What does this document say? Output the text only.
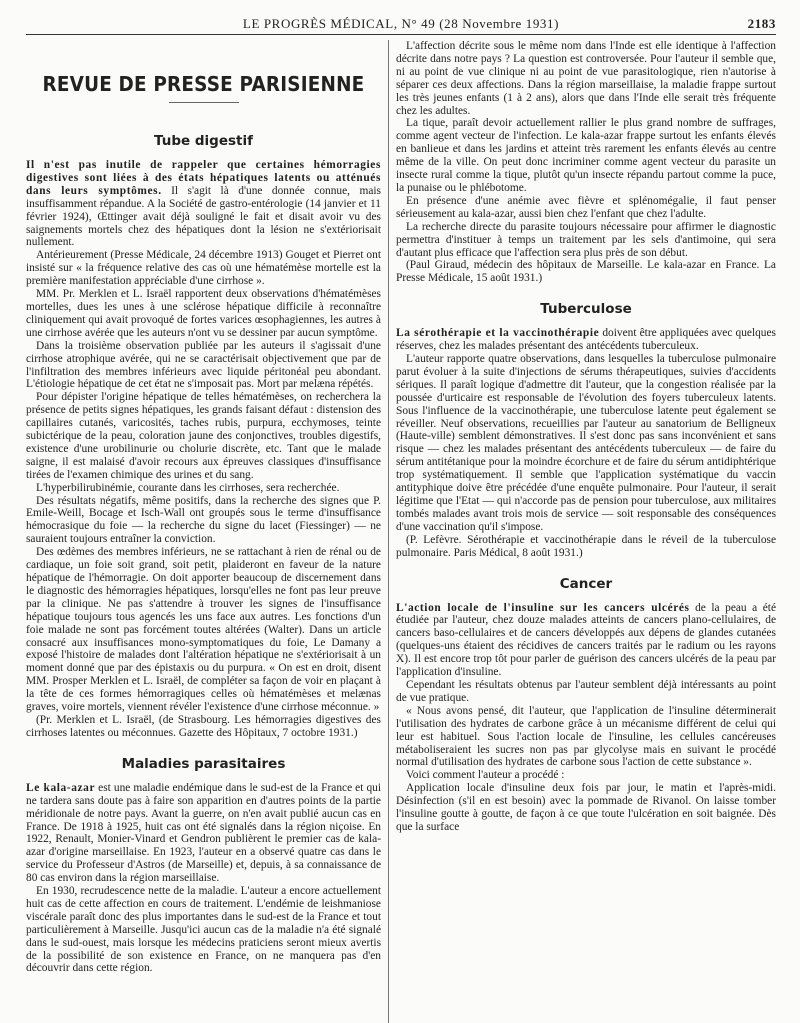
LE PROGRÈS MÉDICAL, N° 49 (28 Novembre 1931)	2183
REVUE DE PRESSE PARISIENNE
Tube digestif

Il n'est pas inutile de rappeler que certaines hémorragies digestives sont liées à des états hépatiques latents ou atténués dans leurs symptômes. Il s'agit là d'une donnée connue, mais insuffisamment répandue. A la Société de gastro-entérologie (14 janvier et 11 février 1924), Œttinger avait déjà souligné le fait et disait avoir vu des saignements mortels chez des hépatiques dont la lésion ne s'extériorisait nullement.

Antérieurement (Presse Médicale, 24 décembre 1913) Gouget et Pierret ont insisté sur « la fréquence relative des cas où une hématémèse mortelle est la première manifestation appréciable d'une cirrhose ».

MM. Pr. Merklen et L. Israël rapportent deux observations d'hématémèses mortelles, dues les unes à une sclérose hépatique difficile à reconnaître cliniquement qui avait provoqué de fortes varices œsophagiennes, les autres à une cirrhose avérée que les auteurs n'ont vu se dessiner par aucun symptôme.

Dans la troisième observation publiée par les auteurs il s'agissait d'une cirrhose atrophique avérée, qui ne se caractérisait objectivement que par de l'infiltration des membres inférieurs avec liquide péritonéal peu abondant. L'étiologie hépatique de cet état ne s'imposait pas. Mort par melæna répétés.

Pour dépister l'origine hépatique de telles hématémèses, on recherchera la présence de petits signes hépatiques, les grands faisant défaut : distension des capillaires cutanés, varicosités, taches rubis, purpura, ecchymoses, teinte subictérique de la peau, coloration jaune des conjonctives, troubles digestifs, existence d'une urobilinurie ou cholurie discrète, etc. Tant que le malade saigne, il est malaisé d'avoir recours aux épreuves classiques d'insuffisance tirées de l'examen chimique des urines et du sang.

L'hyperbilirubinémie, courante dans les cirrhoses, sera recherchée.

Des résultats négatifs, même positifs, dans la recherche des signes que P. Emile-Weill, Bocage et Isch-Wall ont groupés sous le terme d'insuffisance hémocrasique du foie — la recherche du signe du lacet (Fiessinger) — ne sauraient toujours entraîner la conviction.

Des œdèmes des membres inférieurs, ne se rattachant à rien de rénal ou de cardiaque, un foie soit grand, soit petit, plaideront en faveur de la nature hépatique de l'hémorragie. On doit apporter beaucoup de discernement dans le diagnostic des hémorragies hépatiques, lorsqu'elles ne font pas leur preuve par la clinique. Ne pas s'attendre à trouver les signes de l'insuffisance hépatique toujours tous agencés les uns face aux autres. Les fonctions d'un foie malade ne sont pas forcément toutes altérées (Walter). Dans un article consacré aux insuffisances mono-symptomatiques du foie, Le Damany a exposé l'histoire de malades dont l'altération hépatique ne s'extériorisait à un moment donné que par des épistaxis ou du purpura. « On est en droit, disent MM. Prosper Merklen et L. Israël, de compléter sa façon de voir en plaçant à la tête de ces formes hémorragiques celles où hématémèses et melænas graves, voire mortels, viennent révéler l'existence d'une cirrhose méconnue. »

(Pr. Merklen et L. Israël, (de Strasbourg. Les hémorragies digestives des cirrhoses latentes ou méconnues. Gazette des Hôpitaux, 7 octobre 1931.)

Maladies parasitaires

Le kala-azar est une maladie endémique dans le sud-est de la France et qui ne tardera sans doute pas à faire son apparition en d'autres points de la partie méridionale de notre pays. Avant la guerre, on n'en avait publié aucun cas en France. De 1918 à 1925, huit cas ont été signalés dans la région niçoise. En 1922, Renault, Monier-Vinard et Gendron publièrent le premier cas de kala-azar d'origine marseillaise. En 1923, l'auteur en a observé quatre cas dans le service du Professeur d'Astros (de Marseille) et, depuis, à sa connaissance de 80 cas environ dans la région marseillaise.

En 1930, recrudescence nette de la maladie. L'auteur a encore actuellement huit cas de cette affection en cours de traitement. L'endémie de leishmaniose viscérale paraît donc des plus importantes dans le sud-est de la France et tout particulièrement à Marseille. Jusqu'ici aucun cas de la maladie n'a été signalé dans le sud-ouest, mais lorsque les médecins praticiens seront mieux avertis de la possibilité de son existence en France, on ne manquera pas d'en découvrir dans cette région.

L'affection décrite sous le même nom dans l'Inde est elle identique à l'affection décrite dans notre pays ? La question est controversée. Pour l'auteur il semble que, ni au point de vue clinique ni au point de vue parasitologique, rien n'autorise à séparer ces deux affections. Dans la région marseillaise, la maladie frappe surtout les très jeunes enfants (1 à 2 ans), alors que dans l'Inde elle serait très fréquente chez les adultes.

La tique, paraît devoir actuellement rallier le plus grand nombre de suffrages, comme agent vecteur de l'infection. Le kala-azar frappe surtout les enfants élevés en banlieue et dans les jardins et atteint très rarement les enfants élevés au centre même de la ville. On peut donc incriminer comme agent vecteur du parasite un insecte rural comme la tique, plutôt qu'un insecte répandu partout comme la puce, la punaise ou le phlébotome.

En présence d'une anémie avec fièvre et splénomégalie, il faut penser sérieusement au kala-azar, aussi bien chez l'enfant que chez l'adulte.

La recherche directe du parasite toujours nécessaire pour affirmer le diagnostic permettra d'instituer à temps un traitement par les sels d'antimoine, qui sera d'autant plus efficace que l'affection sera plus près de son début.

(Paul Giraud, médecin des hôpitaux de Marseille. Le kala-azar en France. La Presse Médicale, 15 août 1931.)

Tuberculose

La sérothérapie et la vaccinothérapie doivent être appliquées avec quelques réserves, chez les malades présentant des antécédents tuberculeux.

L'auteur rapporte quatre observations, dans lesquelles la tuberculose pulmonaire parut évoluer à la suite d'injections de sérums thérapeutiques, suivies d'accidents sériques. Il paraît logique d'admettre dit l'auteur, que la congestion réalisée par la poussée d'urticaire est responsable de l'évolution des foyers tuberculeux latents. Sous l'influence de la vaccinothérapie, une tuberculose latente peut également se réveiller. Neuf observations, recueillies par l'auteur au sanatorium de Belligneux (Haute-ville) semblent démonstratives. Il s'est donc pas sans inconvénient et sans risque — chez les malades présentant des antécédents tuberculeux — de faire du sérum antitétanique pour la moindre écorchure et de faire du sérum antidiphtérique trop systématiquement. Il semble que l'application systématique du vaccin antityphique doive être précédée d'une enquête pulmonaire. Pour l'auteur, il serait légitime que l'Etat — qui n'accorde pas de pension pour tuberculose, aux militaires tombés malades avant trois mois de service — soit responsable des conséquences d'une vaccination qu'il s'impose.

(P. Lefèvre. Sérothérapie et vaccinothérapie dans le réveil de la tuberculose pulmonaire. Paris Médical, 8 août 1931.)

Cancer

L'action locale de l'insuline sur les cancers ulcérés de la peau a été étudiée par l'auteur, chez douze malades atteints de cancers plano-cellulaires, de cancers baso-cellulaires et de cancers développés aux dépens de glandes cutanées (quelques-uns étaient des récidives de cancers traités par le radium ou les rayons X). Il est encore trop tôt pour parler de guérison des cancers ulcérés de la peau par l'application d'insuline.

Cependant les résultats obtenus par l'auteur semblent déjà intéressants au point de vue pratique.

« Nous avons pensé, dit l'auteur, que l'application de l'insuline déterminerait l'utilisation des hydrates de carbone grâce à un mécanisme différent de celui qui leur est habituel. Sous l'action locale de l'insuline, les cellules cancéreuses métaboliseraient les sucres non pas par glycolyse mais en suivant le procédé normal d'utilisation des hydrates de carbone sous l'action de cette substance ».

Voici comment l'auteur a procédé :

Application locale d'insuline deux fois par jour, le matin et l'après-midi. Désinfection (s'il en est besoin) avec la pommade de Rivanol. On laisse tomber l'insuline goutte à goutte, de façon à ce que toute l'ulcération en soit baignée. Dès que la surface
